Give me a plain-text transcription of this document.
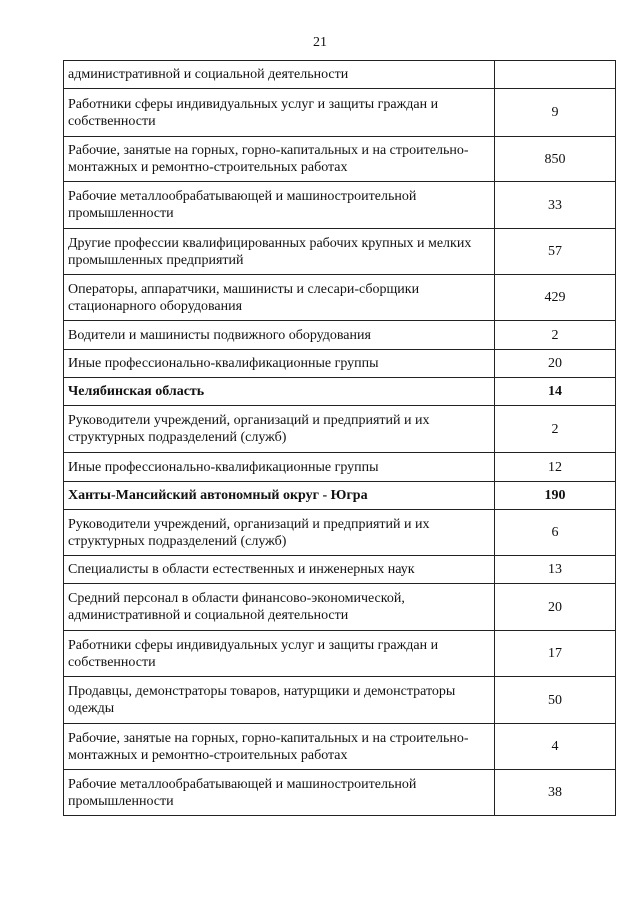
21
административной и социальной деятельности	
Работники сферы индивидуальных услуг и защиты граждан и собственности	9
Рабочие, занятые на горных, горно-капитальных и на строительно-монтажных и ремонтно-строительных работах	850
Рабочие металлообрабатывающей и машиностроительной промышленности	33
Другие профессии квалифицированных рабочих крупных и мелких промышленных предприятий	57
Операторы, аппаратчики, машинисты и слесари-сборщики стационарного оборудования	429
Водители и машинисты подвижного оборудования	2
Иные профессионально-квалификационные группы	20
Челябинская область	14
Руководители учреждений, организаций и предприятий и их структурных подразделений (служб)	2
Иные профессионально-квалификационные группы	12
Ханты-Мансийский автономный округ - Югра	190
Руководители учреждений, организаций и предприятий и их структурных подразделений (служб)	6
Специалисты в области естественных и инженерных наук	13
Средний персонал в области финансово-экономической, административной и социальной деятельности	20
Работники сферы индивидуальных услуг и защиты граждан и собственности	17
Продавцы, демонстраторы товаров, натурщики и демонстраторы одежды	50
Рабочие, занятые на горных, горно-капитальных и на строительно-монтажных и ремонтно-строительных работах	4
Рабочие металлообрабатывающей и машиностроительной промышленности	38
